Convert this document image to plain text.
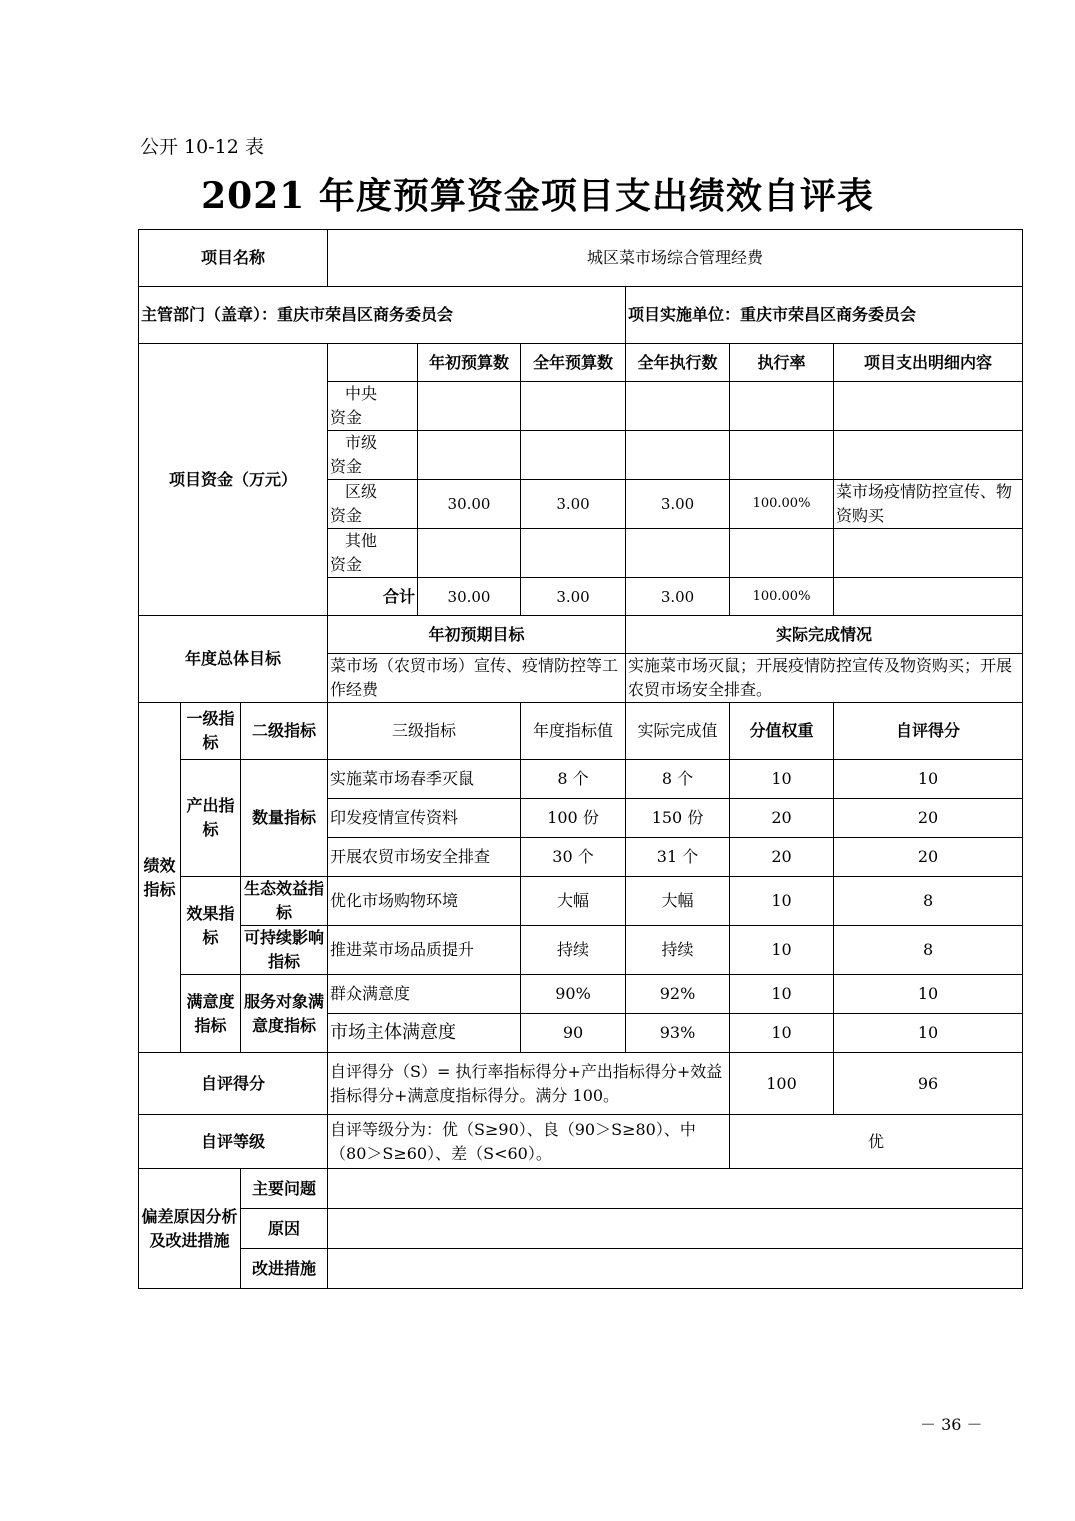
公开 10-12 表
2021 年度预算资金项目支出绩效自评表
项目名称			城区菜市场综合管理经费					
主管部门（盖章）：重庆市荣昌区商务委员会						项目实施单位：重庆市荣昌区商务委员会		
项目资金（万元）				年初预算数	全年预算数	全年执行数	执行率	项目支出明细内容
			中央
资金					
			市级
资金					
			区级
资金	30.00	3.00	3.00	100.00%	菜市场疫情防控宣传、物资购买
			其他
资金					
			合计	30.00	3.00	3.00	100.00%	
年度总体目标			年初预期目标			实际完成情况		
			菜市场（农贸市场）宣传、疫情防控等工作经费			实施菜市场灭鼠；开展疫情防控宣传及物资购买；开展农贸市场安全排查。		
绩效指标	一级指标	二级指标	三级指标		年度指标值	实际完成值	分值权重	自评得分
	产出指标	数量指标	实施菜市场春季灭鼠		8 个	8 个	10	10
			印发疫情宣传资料		100 份	150 份	20	20
			开展农贸市场安全排查		30 个	31 个	20	20
	效果指标	生态效益指标	优化市场购物环境		大幅	大幅	10	8
		可持续影响指标	推进菜市场品质提升		持续	持续	10	8
	满意度指标	服务对象满意度指标	群众满意度		90%	92%	10	10
			市场主体满意度		90	93%	10	10
自评得分			自评得分（S）= 执行率指标得分+产出指标得分+效益指标得分+满意度指标得分。满分 100。				100	96
自评等级			自评等级分为：优（S≥90）、良（90＞S≥80）、中（80＞S≥60）、差（S<60）。				优	
偏差原因分析及改进措施		主要问题						
		原因						
		改进措施						
－ 36 －
